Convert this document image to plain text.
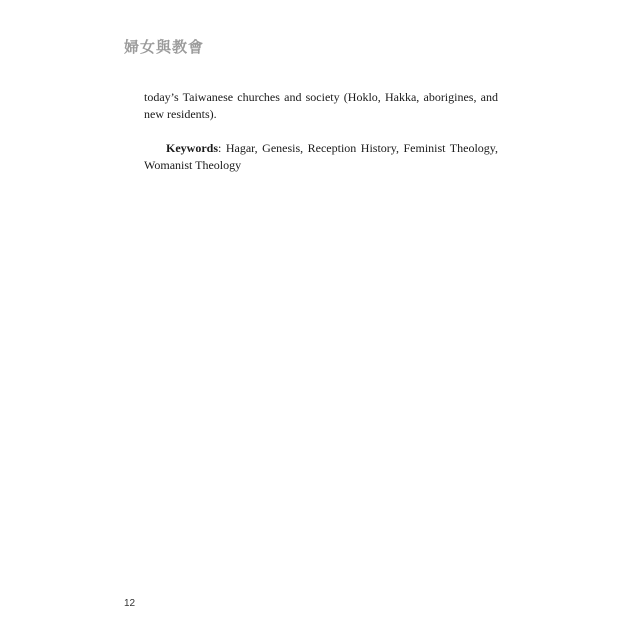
婦女與教會

today’s Taiwanese churches and society (Hoklo, Hakka, aborigines, and new residents).

Keywords: Hagar, Genesis, Reception History, Feminist Theology, Womanist Theology

12
